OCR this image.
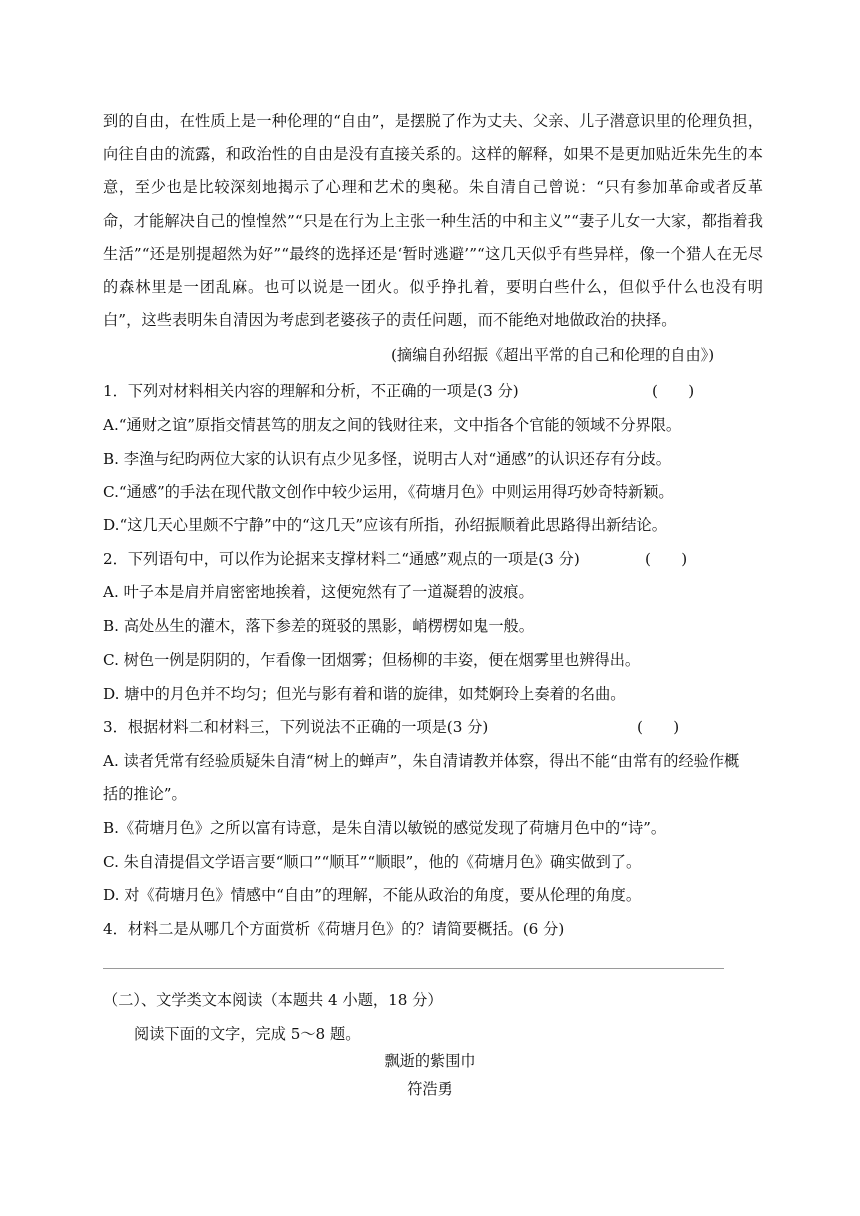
到的自由，在性质上是一种伦理的“自由”，是摆脱了作为丈夫、父亲、儿子潜意识里的伦理负担，向往自由的流露，和政治性的自由是没有直接关系的。这样的解释，如果不是更加贴近朱先生的本意，至少也是比较深刻地揭示了心理和艺术的奥秘。朱自清自己曾说：“只有参加革命或者反革命，才能解决自己的惶惶然”“只是在行为上主张一种生活的中和主义”“妻子儿女一大家，都指着我生活”“还是别提超然为好”“最终的选择还是‘暂时逃避’”“这几天似乎有些异样，像一个猎人在无尽的森林里是一团乱麻。也可以说是一团火。似乎挣扎着，要明白些什么，但似乎什么也没有明白”，这些表明朱自清因为考虑到老婆孩子的责任问题，而不能绝对地做政治的抉择。
(摘编自孙绍振《超出平常的自己和伦理的自由》)
1．下列对材料相关内容的理解和分析，不正确的一项是(3 分)	(　　)
A.“通财之谊”原指交情甚笃的朋友之间的钱财往来，文中指各个官能的领域不分界限。
B. 李渔与纪昀两位大家的认识有点少见多怪，说明古人对“通感”的认识还存有分歧。
C.“通感”的手法在现代散文创作中较少运用，《荷塘月色》中则运用得巧妙奇特新颖。
D.“这几天心里颇不宁静”中的“这几天”应该有所指，孙绍振顺着此思路得出新结论。
2．下列语句中，可以作为论据来支撑材料二“通感”观点的一项是(3 分)	(　　)
A. 叶子本是肩并肩密密地挨着，这便宛然有了一道凝碧的波痕。
B. 高处丛生的灌木，落下参差的斑驳的黑影，峭楞楞如鬼一般。
C. 树色一例是阴阴的，乍看像一团烟雾；但杨柳的丰姿，便在烟雾里也辨得出。
D. 塘中的月色并不均匀；但光与影有着和谐的旋律，如梵婀玲上奏着的名曲。
3．根据材料二和材料三，下列说法不正确的一项是(3 分)	(　　)
A. 读者凭常有经验质疑朱自清“树上的蝉声”，朱自清请教并体察，得出不能“由常有的经验作概
括的推论”。
B.《荷塘月色》之所以富有诗意，是朱自清以敏锐的感觉发现了荷塘月色中的“诗”。
C. 朱自清提倡文学语言要“顺口”“顺耳”“顺眼”，他的《荷塘月色》确实做到了。
D. 对《荷塘月色》情感中“自由”的理解，不能从政治的角度，要从伦理的角度。
4．材料二是从哪几个方面赏析《荷塘月色》的？请简要概括。(6 分)
（二）、文学类文本阅读（本题共 4 小题，18 分）
阅读下面的文字，完成 5～8 题。
飘逝的紫围巾
符浩勇
